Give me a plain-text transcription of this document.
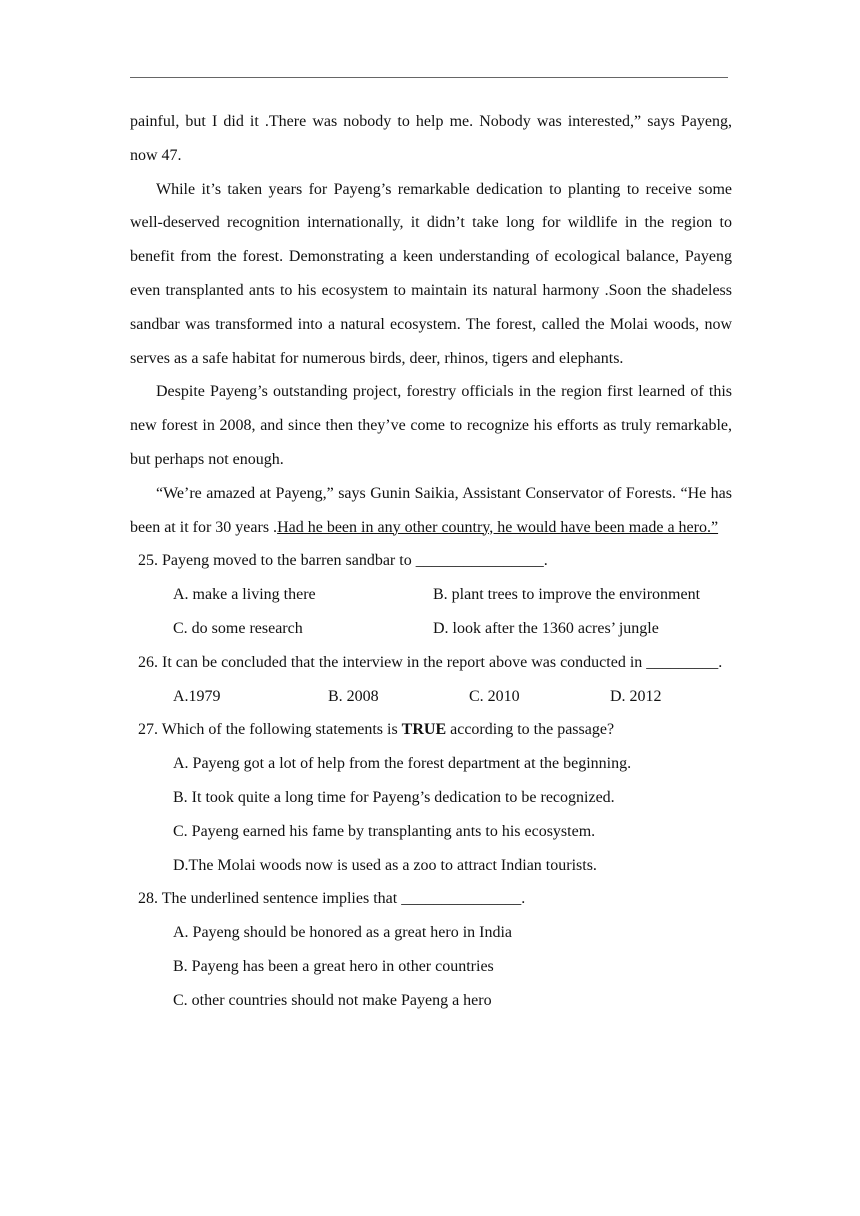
painful, but I did it .There was nobody to help me. Nobody was interested,” says Payeng, now 47.

While it’s taken years for Payeng’s remarkable dedication to planting to receive some well-deserved recognition internationally, it didn’t take long for wildlife in the region to benefit from the forest. Demonstrating a keen understanding of ecological balance, Payeng even transplanted ants to his ecosystem to maintain its natural harmony .Soon the shadeless sandbar was transformed into a natural ecosystem. The forest, called the Molai woods, now serves as a safe habitat for numerous birds, deer, rhinos, tigers and elephants.

Despite Payeng’s outstanding project, forestry officials in the region first learned of this new forest in 2008, and since then they’ve come to recognize his efforts as truly remarkable, but perhaps not enough.

“We’re amazed at Payeng,” says Gunin Saikia, Assistant Conservator of Forests. “He has been at it for 30 years .Had he been in any other country, he would have been made a hero.”

25. Payeng moved to the barren sandbar to ________________.

A. make a living there	B. plant trees to improve the environment
C. do some research	D. look after the 1360 acres’ jungle

26. It can be concluded that the interview in the report above was conducted in _________.

A.1979	B. 2008	C. 2010	D. 2012

27. Which of the following statements is TRUE according to the passage?

A. Payeng got a lot of help from the forest department at the beginning.

B. It took quite a long time for Payeng’s dedication to be recognized.

C. Payeng earned his fame by transplanting ants to his ecosystem.

D.The Molai woods now is used as a zoo to attract Indian tourists.

28. The underlined sentence implies that _______________.

A. Payeng should be honored as a great hero in India

B. Payeng has been a great hero in other countries

C. other countries should not make Payeng a hero
